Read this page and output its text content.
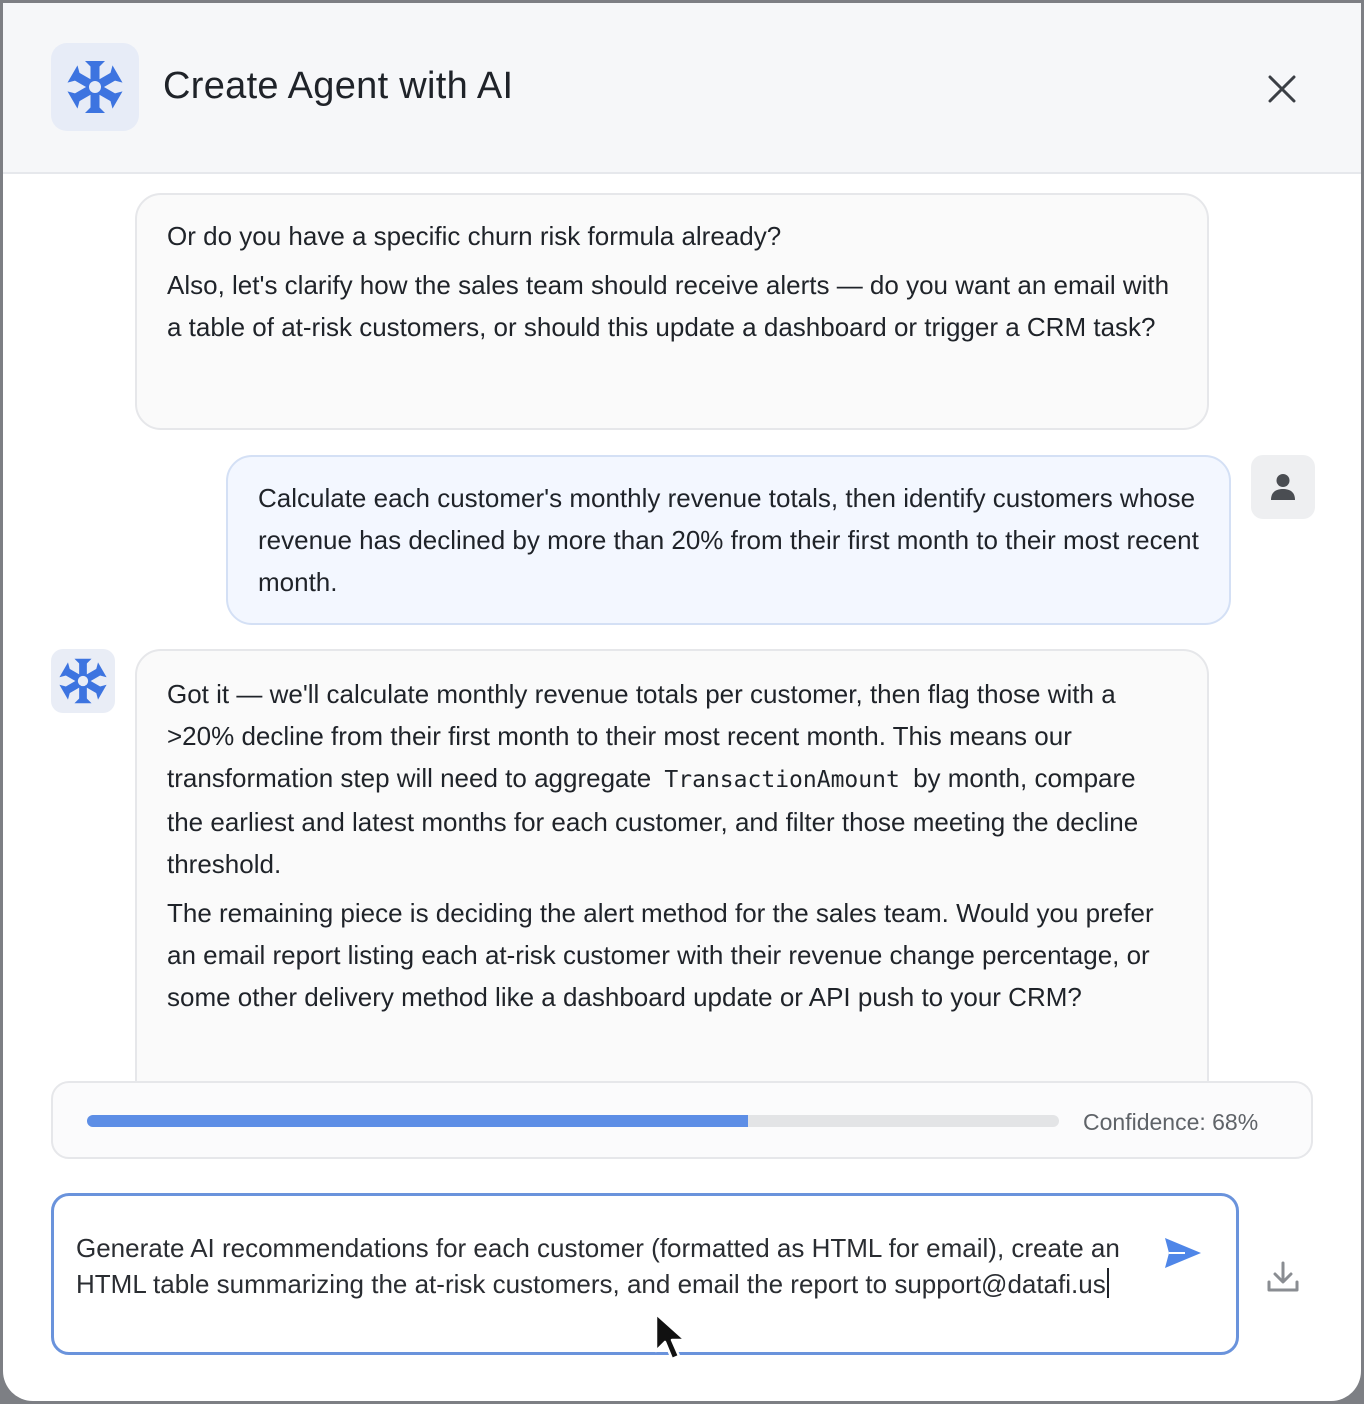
Create Agent with AI

Or do you have a specific churn risk formula already?

Also, let's clarify how the sales team should receive alerts — do you want an email with a table of at-risk customers, or should this update a dashboard or trigger a CRM task?

Calculate each customer's monthly revenue totals, then identify customers whose revenue has declined by more than 20% from their first month to their most recent month.

Got it — we'll calculate monthly revenue totals per customer, then flag those with a >20% decline from their first month to their most recent month. This means our transformation step will need to aggregate TransactionAmount by month, compare the earliest and latest months for each customer, and filter those meeting the decline threshold.

The remaining piece is deciding the alert method for the sales team. Would you prefer an email report listing each at-risk customer with their revenue change percentage, or some other delivery method like a dashboard update or API push to your CRM?

Confidence: 68%
Generate AI recommendations for each customer (formatted as HTML for email), create an HTML table summarizing the at-risk customers, and email the report to support@datafi.us
